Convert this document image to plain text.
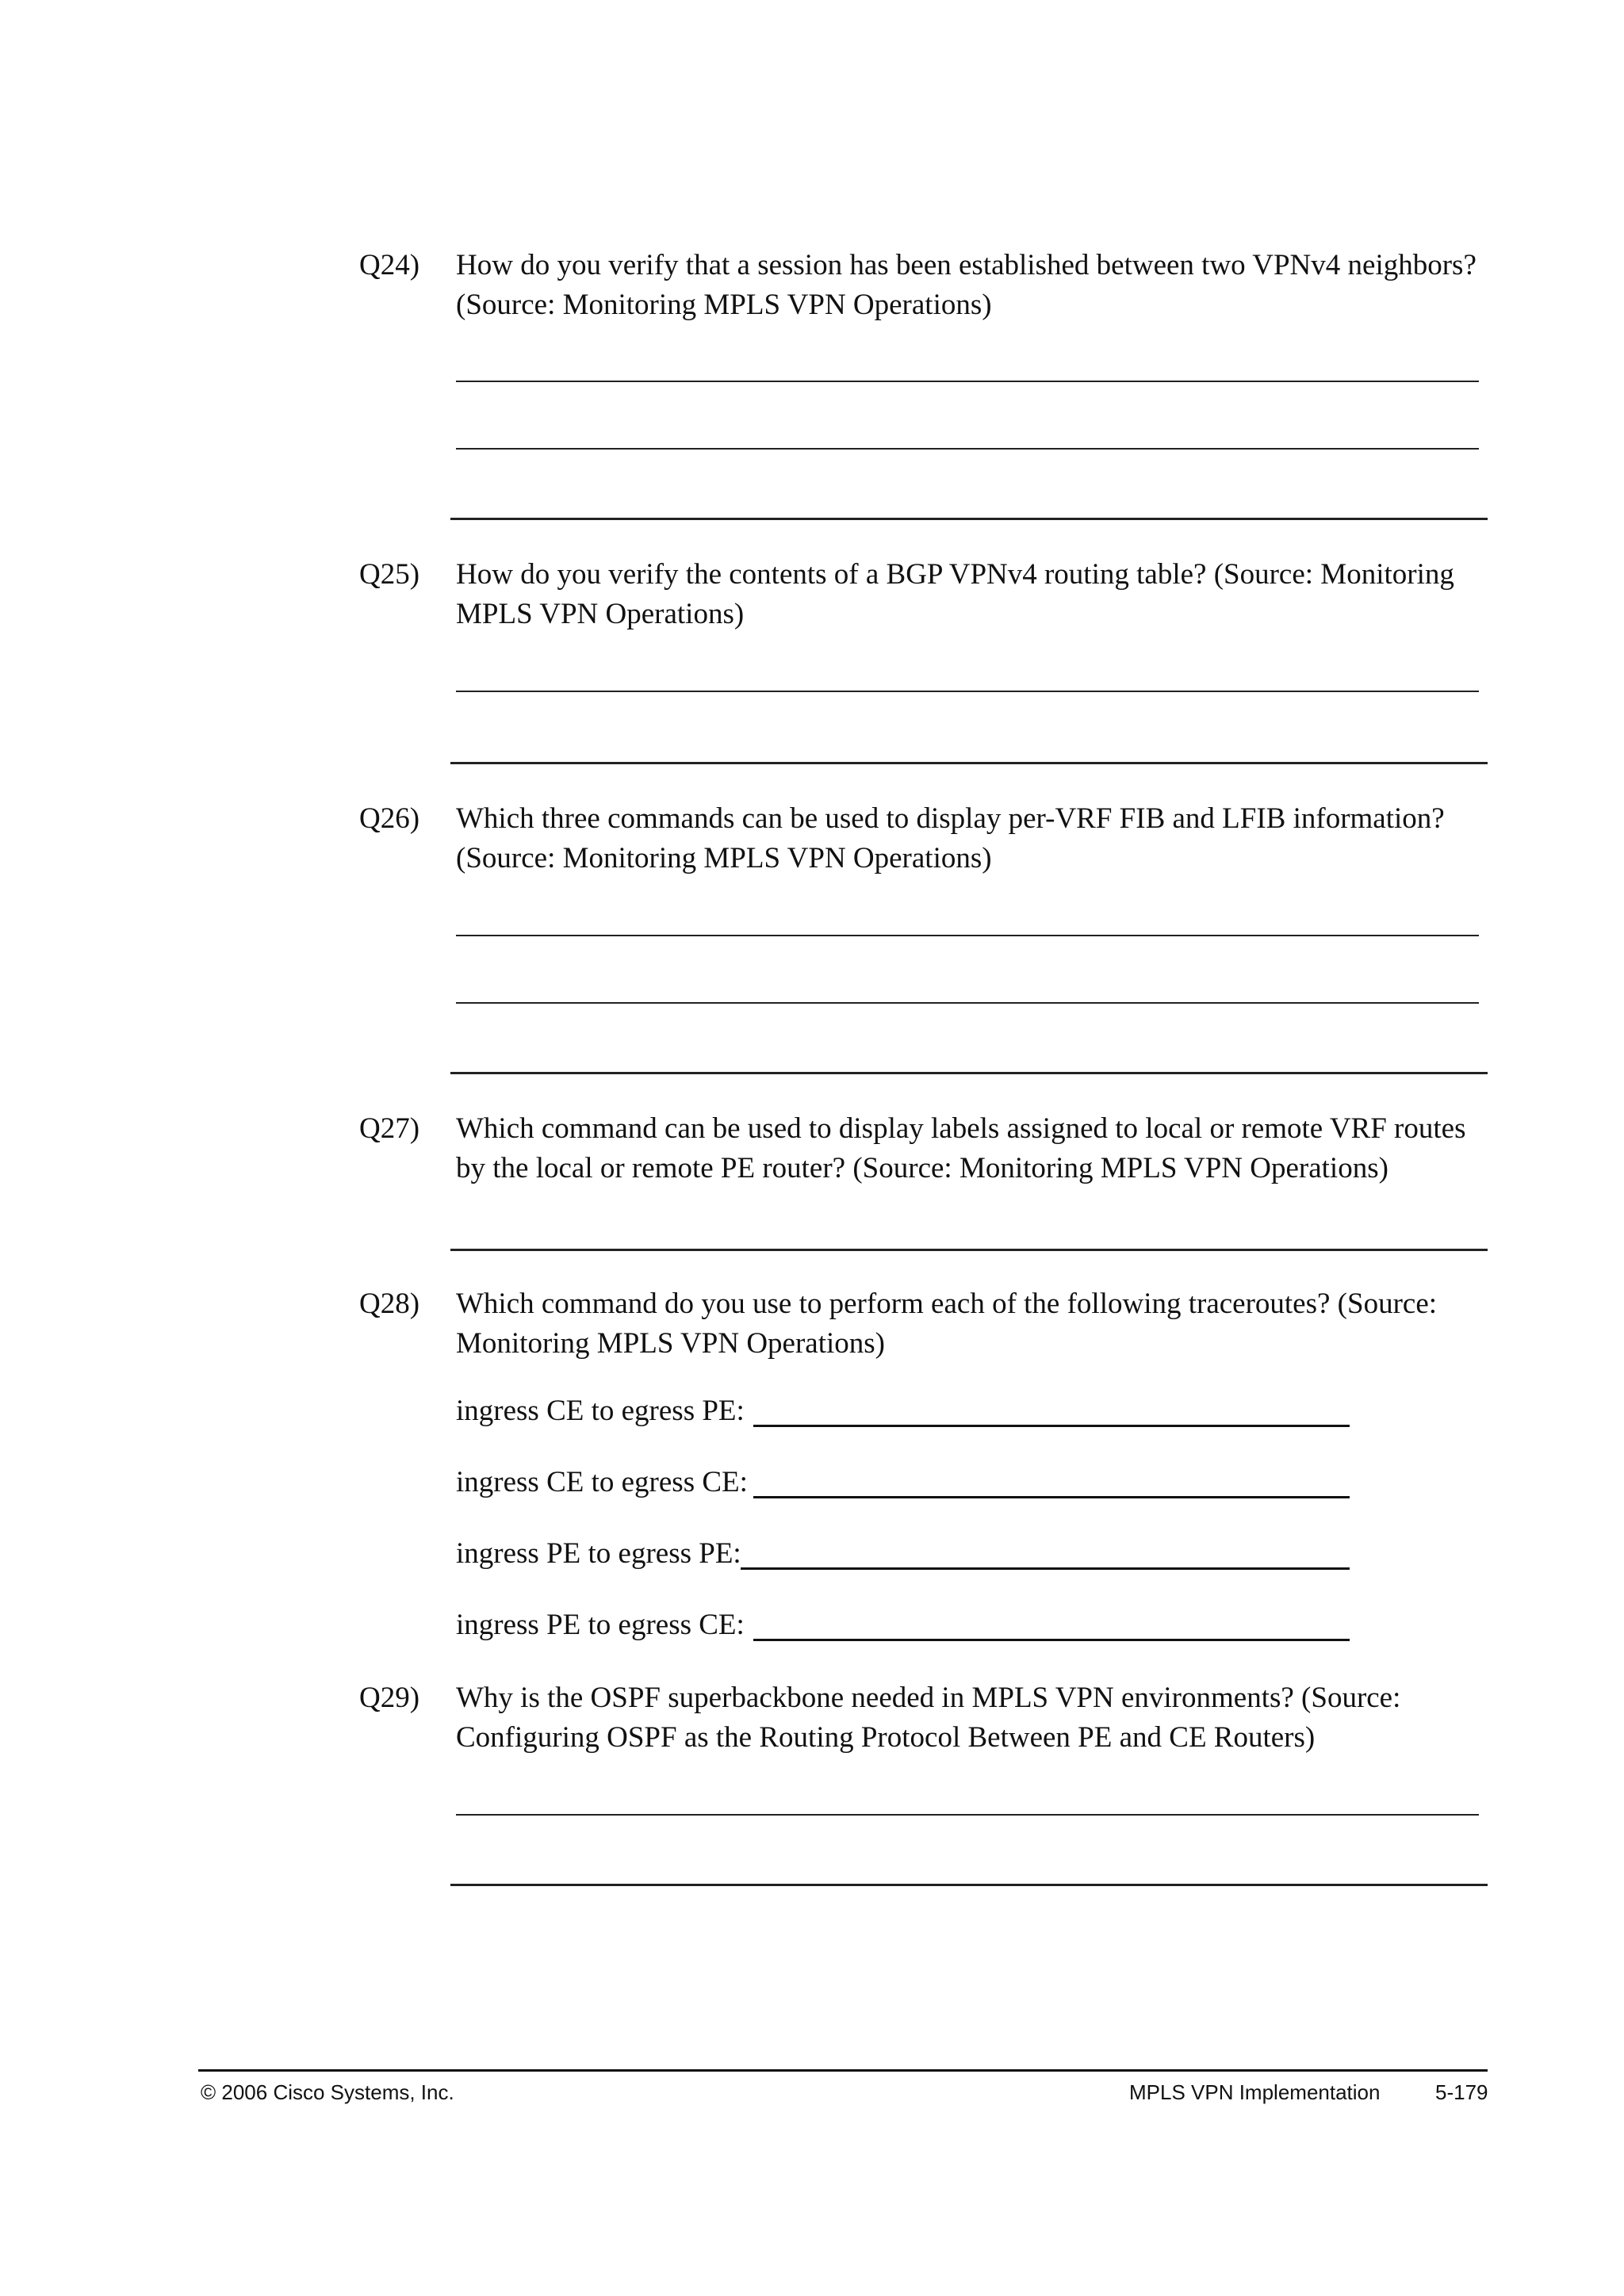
Q24) How do you verify that a session has been established between two VPNv4 neighbors? (Source: Monitoring MPLS VPN Operations)
Q25) How do you verify the contents of a BGP VPNv4 routing table? (Source: Monitoring MPLS VPN Operations)
Q26) Which three commands can be used to display per-VRF FIB and LFIB information? (Source: Monitoring MPLS VPN Operations)
Q27) Which command can be used to display labels assigned to local or remote VRF routes by the local or remote PE router? (Source: Monitoring MPLS VPN Operations)
Q28) Which command do you use to perform each of the following traceroutes? (Source: Monitoring MPLS VPN Operations)
ingress CE to egress PE:
ingress CE to egress CE:
ingress PE to egress PE:
ingress PE to egress CE:
Q29) Why is the OSPF superbackbone needed in MPLS VPN environments? (Source: Configuring OSPF as the Routing Protocol Between PE and CE Routers)
© 2006 Cisco Systems, Inc.	MPLS VPN Implementation	5-179
